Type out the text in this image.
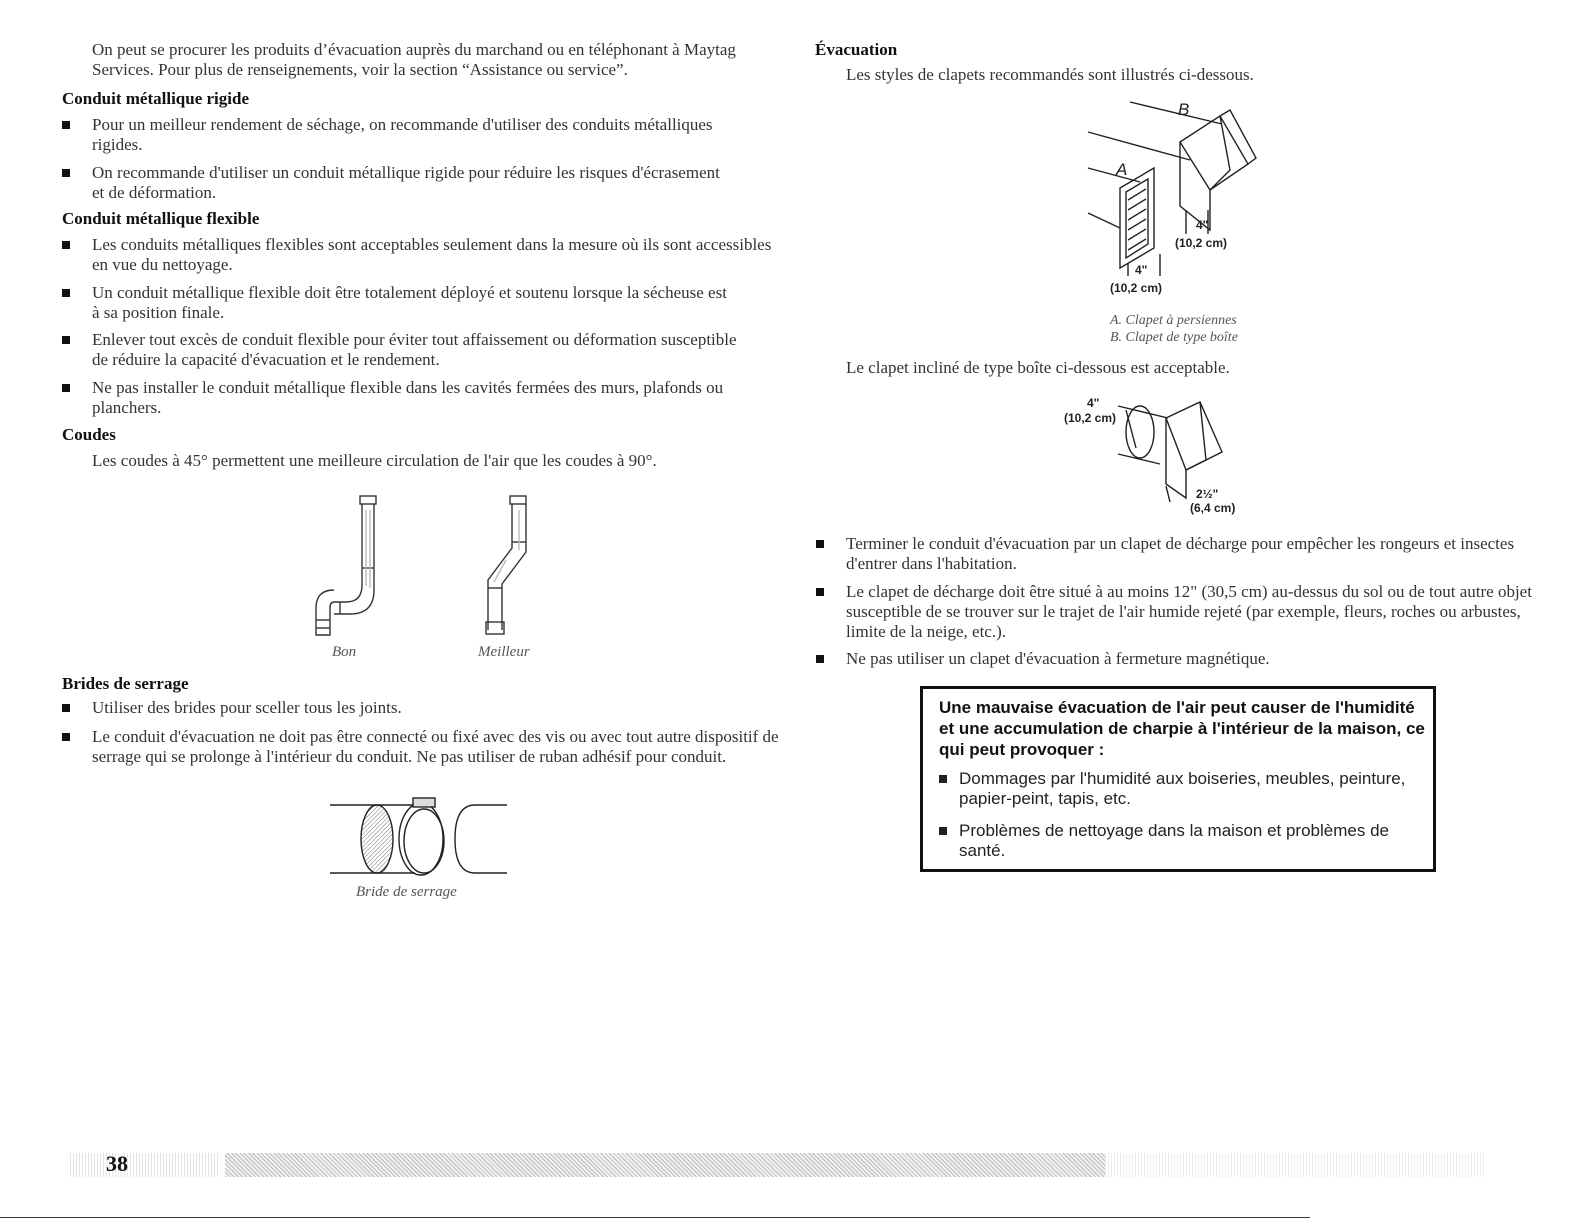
On peut se procurer les produits d’évacuation auprès du marchand ou en téléphonant à Maytag Services. Pour plus de renseignements, voir la section “Assistance ou service”.
Conduit métallique rigide
Pour un meilleur rendement de séchage, on recommande d'utiliser des conduits métalliques rigides.
On recommande d'utiliser un conduit métallique rigide pour réduire les risques d'écrasement et de déformation.
Conduit métallique flexible
Les conduits métalliques flexibles sont acceptables seulement dans la mesure où ils sont accessibles en vue du nettoyage.
Un conduit métallique flexible doit être totalement déployé et soutenu lorsque la sécheuse est à sa position finale.
Enlever tout excès de conduit flexible pour éviter tout affaissement ou déformation susceptible de réduire la capacité d'évacuation et le rendement.
Ne pas installer le conduit métallique flexible dans les cavités fermées des murs, plafonds ou planchers.
Coudes
Les coudes à 45° permettent une meilleure circulation de l'air que les coudes à 90°.
Bon	Meilleur
Brides de serrage
Utiliser des brides pour sceller tous les joints.
Le conduit d'évacuation ne doit pas être connecté ou fixé avec des vis ou avec tout autre dispositif de serrage qui se prolonge à l'intérieur du conduit. Ne pas utiliser de ruban adhésif pour conduit.
Bride de serrage
Évacuation
Les styles de clapets recommandés sont illustrés ci-dessous.
A
B
4"
(10,2 cm)
4"
(10,2 cm)
A. Clapet à persiennes
B. Clapet de type boîte
Le clapet incliné de type boîte ci-dessous est acceptable.
4"
(10,2 cm)
2½"
(6,4 cm)
Terminer le conduit d'évacuation par un clapet de décharge pour empêcher les rongeurs et insectes d'entrer dans l'habitation.
Le clapet de décharge doit être situé à au moins 12" (30,5 cm) au-dessus du sol ou de tout autre objet susceptible de se trouver sur le trajet de l'air humide rejeté (par exemple, fleurs, roches ou arbustes, limite de la neige, etc.).
Ne pas utiliser un clapet d'évacuation à fermeture magnétique.
Une mauvaise évacuation de l'air peut causer de l'humidité et une accumulation de charpie à l'intérieur de la maison, ce qui peut provoquer :
Dommages par l'humidité aux boiseries, meubles, peinture, papier-peint, tapis, etc.
Problèmes de nettoyage dans la maison et problèmes de santé.
38
